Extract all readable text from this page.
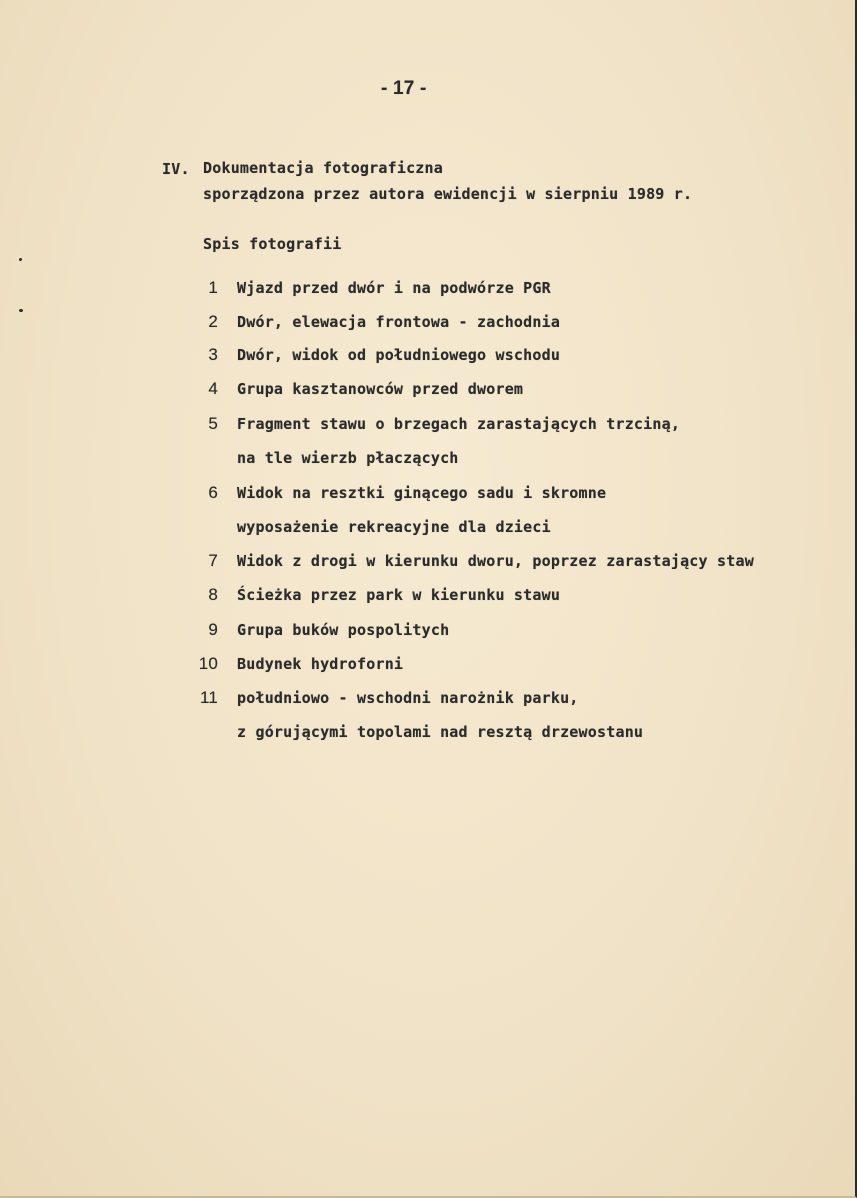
- 17 -
IV. Dokumentacja fotograficzna
sporządzona przez autora ewidencji w sierpniu 1989 r.
Spis fotografii
1 Wjazd przed dwór i na podwórze PGR
2 Dwór, elewacja frontowa - zachodnia
3 Dwór, widok od południowego wschodu
4 Grupa kasztanowców przed dworem
5 Fragment stawu o brzegach zarastających trzciną,
na tle wierzb płaczących
6 Widok na resztki ginącego sadu i skromne
wyposażenie rekreacyjne dla dzieci
7 Widok z drogi w kierunku dworu, poprzez zarastający staw
8 Ścieżka przez park w kierunku stawu
9 Grupa buków pospolitych
10 Budynek hydroforni
11 południowo - wschodni narożnik parku,
z górującymi topolami nad resztą drzewostanu
